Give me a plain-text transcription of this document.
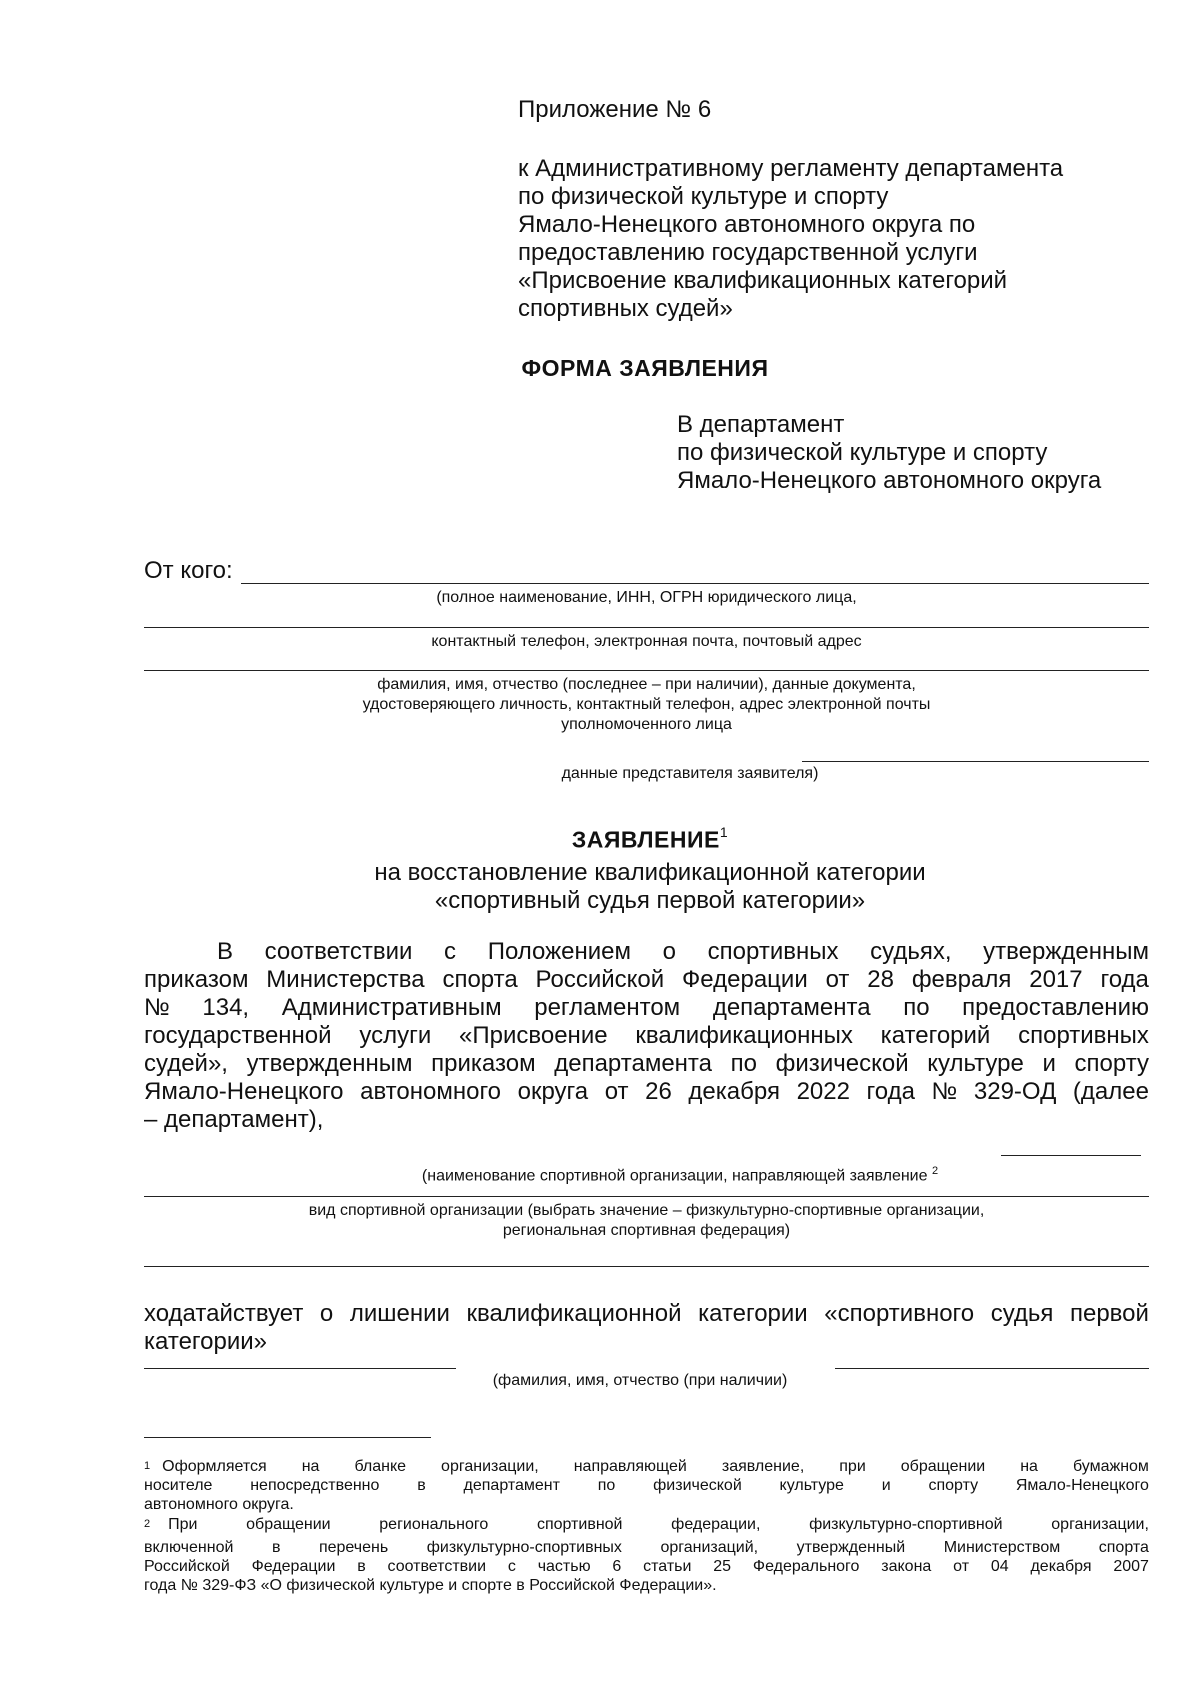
Приложение № 6
к Административному регламенту департамента
по физической культуре и спорту
Ямало-Ненецкого автономного округа по
предоставлению государственной услуги
«Присвоение квалификационных категорий
спортивных судей»
ФОРМА ЗАЯВЛЕНИЯ
В департамент
по физической культуре и спорту
Ямало-Ненецкого автономного округа
От кого:
(полное наименование, ИНН, ОГРН юридического лица,
контактный телефон, электронная почта, почтовый адрес
фамилия, имя, отчество (последнее – при наличии), данные документа,
удостоверяющего личность, контактный телефон, адрес электронной почты
уполномоченного лица
данные представителя заявителя)
ЗАЯВЛЕНИЕ$^1$
на восстановление квалификационной категории
«спортивный судья первой категории»
В соответствии с Положением о спортивных судьях, утвержденным
приказом Министерства спорта Российской Федерации от 28 февраля 2017 года
№ 134, Административным регламентом департамента по предоставлению
государственной услуги «Присвоение квалификационных категорий спортивных
судей», утвержденным приказом департамента по физической культуре и спорту
Ямало-Ненецкого автономного округа от 26 декабря 2022 года № 329-ОД (далее
– департамент),
(наименование спортивной организации, направляющей заявление $^2$
вид спортивной организации (выбрать значение – физкультурно-спортивные организации,
региональная спортивная федерация)
ходатайствует о лишении квалификационной категории «спортивного судья первой
категории»
(фамилия, имя, отчество (при наличии)
1 Оформляется на бланке организации, направляющей заявление, при обращении на бумажном
носителе непосредственно в департамент по физической культуре и спорту Ямало-Ненецкого
автономного округа.
$^2$ При	обращении	регионального	спортивной	федерации,	физкультурно-спортивной	организации,
включенной в перечень физкультурно-спортивных организаций, утвержденный Министерством спорта
Российской Федерации в соответствии с частью 6 статьи 25 Федерального закона от 04 декабря 2007
года № 329-ФЗ «О физической культуре и спорте в Российской Федерации».
